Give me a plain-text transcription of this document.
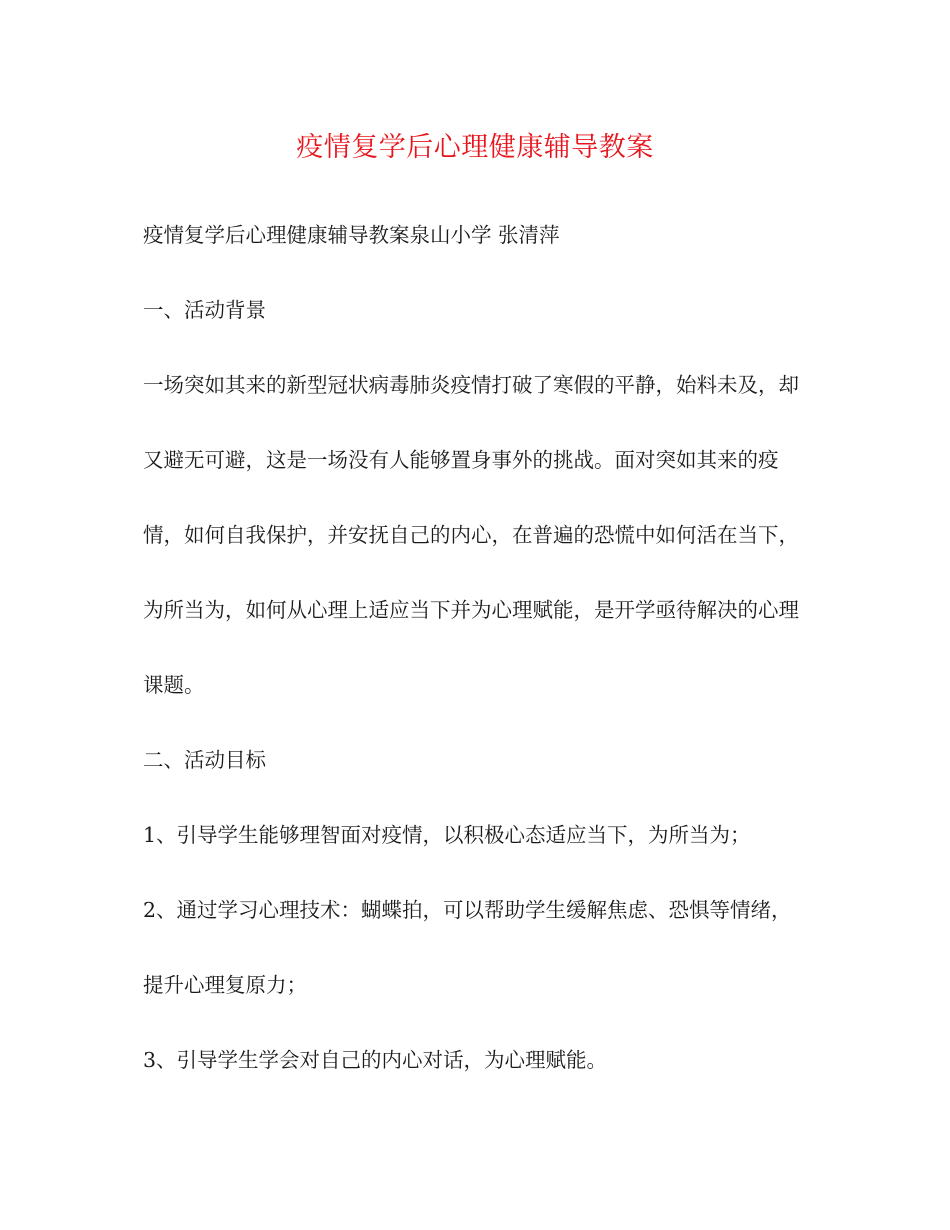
疫情复学后心理健康辅导教案

疫情复学后心理健康辅导教案泉山小学 张清萍

一、活动背景

一场突如其来的新型冠状病毒肺炎疫情打破了寒假的平静，始料未及，却又避无可避，这是一场没有人能够置身事外的挑战。面对突如其来的疫情，如何自我保护，并安抚自己的内心，在普遍的恐慌中如何活在当下，为所当为，如何从心理上适应当下并为心理赋能，是开学亟待解决的心理课题。

二、活动目标

1、引导学生能够理智面对疫情，以积极心态适应当下，为所当为；

2、通过学习心理技术：蝴蝶拍，可以帮助学生缓解焦虑、恐惧等情绪，提升心理复原力；

3、引导学生学会对自己的内心对话，为心理赋能。
